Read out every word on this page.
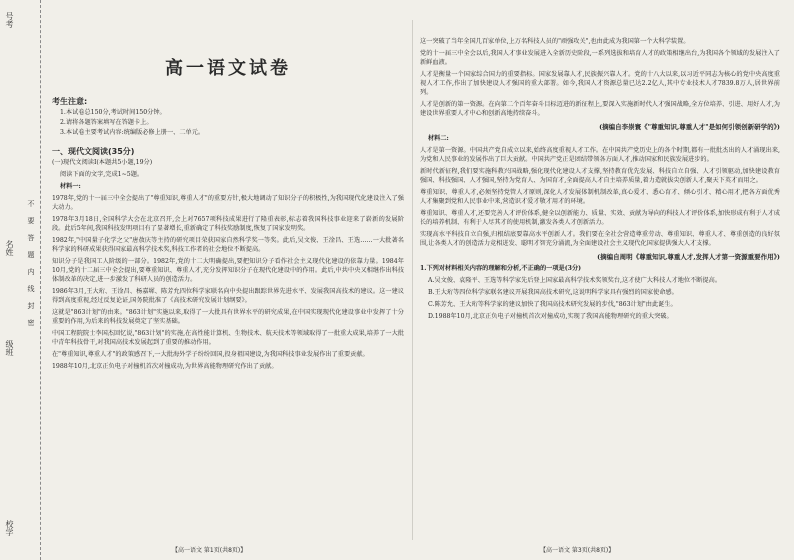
号考
名姓
不要答题内线封密
级班
校学
高一语文试卷
考生注意:

1.本试卷总150分,考试时间150分钟。

2.请将各题答案填写在答题卡上。

3.本试卷主要考试内容:统编版必修上册一、二单元。

一、现代文阅读(35分)

(一)现代文阅读Ⅰ(本题共5小题,19分)

阅读下面的文字,完成1~5题。

材料一:

1978年,党的十一届三中全会提出了"尊重知识,尊重人才"的重要方针,极大地调动了知识分子的积极性,为我国现代化建设注入了强大动力。

1978年3月18日,全国科学大会在北京召开,会上对7657项科技成果进行了隆重表彰,标志着我国科技事业迎来了崭新的发展阶段。此后5年间,我国科技发明项目有了显著增长,重新确定了科技奖励制度,恢复了国家发明奖。

1982年,"中国量子化学之父"唐敖庆等主持的研究项目荣获国家自然科学奖一等奖。此后,吴文俊、王淦昌、王选……一大批著名科学家的科研成果获得国家最高科学技术奖,科技工作者的社会地位不断提高。

知识分子是我国工人阶级的一部分。1982年,党的十二大明确提出,要把知识分子看作社会主义现代化建设的依靠力量。1984年10月,党的十二届三中全会提出,要尊重知识、尊重人才,充分发挥知识分子在现代化建设中的作用。此后,中共中央又相继作出科技体制改革的决定,进一步激发了科研人员的创造活力。

1986年3月,王大珩、王淦昌、杨嘉墀、陈芳允四位科学家联名向中央提出跟踪世界先进水平、发展我国高技术的建议。这一建议得到高度重视,经过反复论证,国务院批准了《高技术研究发展计划纲要》。

这就是"863计划"的由来。"863计划"实施以来,取得了一大批具有世界水平的研究成果,在中国实现现代化建设事业中发挥了十分重要的作用,为后来的科技发展奠定了坚实基础。

中国工程院院士李国杰回忆说,"863计划"的实施,在高性能计算机、生物技术、航天技术等领域取得了一批重大成果,培养了一大批中青年科技骨干,对我国高技术发展起到了重要的推动作用。

在"尊重知识,尊重人才"的政策感召下,一大批海外学子纷纷回国,投身祖国建设,为我国科技事业发展作出了重要贡献。

1988年10月,北京正负电子对撞机首次对撞成功,为世界高能物理研究作出了贡献。

【高一语文 第1页(共8页)】

这一突破了当年全国几百家单位,上万名科技人员的"顽强攻关",也由此成为我国第一个大科学装置。

党的十一届三中全会以后,我国人才事业发展进入全新历史阶段,一系列选拔和培育人才的政策相继出台,为我国各个领域的发展注入了新鲜血液。

人才是衡量一个国家综合国力的重要指标。国家发展靠人才,民族振兴靠人才。党的十八大以来,以习近平同志为核心的党中央高度重视人才工作,作出了加快建设人才强国的重大部署。如今,我国人才资源总量已达2.2亿人,其中专业技术人才7839.8万人,居世界前列。

人才是创新的第一资源。在向第二个百年奋斗目标迈进的新征程上,要深入实施新时代人才强国战略,全方位培养、引进、用好人才,为建设世界重要人才中心和创新高地持续奋斗。

(摘编自李崇寰《"尊重知识,尊重人才"是如何引领创新研学的》)

材料二:

人才是第一资源。中国共产党自成立以来,始终高度重视人才工作。在中国共产党历史上的各个时期,都有一批批杰出的人才涌现出来,为党和人民事业的发展作出了巨大贡献。中国共产党正是团结带领各方面人才,推动国家和民族发展进步的。

新时代新征程,我们要实施科教兴国战略,强化现代化建设人才支撑,坚持教育优先发展、科技自立自强、人才引领驱动,加快建设教育强国、科技强国、人才强国,坚持为党育人、为国育才,全面提高人才自主培养质量,着力造就拔尖创新人才,聚天下英才而用之。

尊重知识、尊重人才,必须坚持党管人才原则,深化人才发展体制机制改革,真心爱才、悉心育才、倾心引才、精心用才,把各方面优秀人才集聚到党和人民事业中来,营造识才爱才敬才用才的环境。

尊重知识、尊重人才,还要完善人才评价体系,健全以创新能力、质量、实效、贡献为导向的科技人才评价体系,加快形成有利于人才成长的培养机制、有利于人尽其才的使用机制,激发各类人才创新活力。

实现高水平科技自立自强,归根结底要靠高水平创新人才。我们要在全社会营造尊重劳动、尊重知识、尊重人才、尊重创造的良好氛围,让各类人才的创造活力竞相迸发、聪明才智充分涌流,为全面建设社会主义现代化国家提供强大人才支撑。

(摘编自周明《尊重知识,尊重人才,发挥人才第一资源重要作用》)

1.下列对材料相关内容的理解和分析,不正确的一项是(3分)

A.吴文俊、袁隆平、王选等科学家先后登上国家最高科学技术奖领奖台,这才使广大科技人才地位不断提高。

B.王大珩等四位科学家联名建议开展我国高技术研究,这说明科学家具有强烈的国家使命感。

C.陈芳允、王大珩等科学家的建议加快了我国高技术研究发展的步伐,"863计划"由此诞生。

D.1988年10月,北京正负电子对撞机首次对撞成功,实现了我国高能物理研究的重大突破。

【高一语文 第3页(共8页)】
